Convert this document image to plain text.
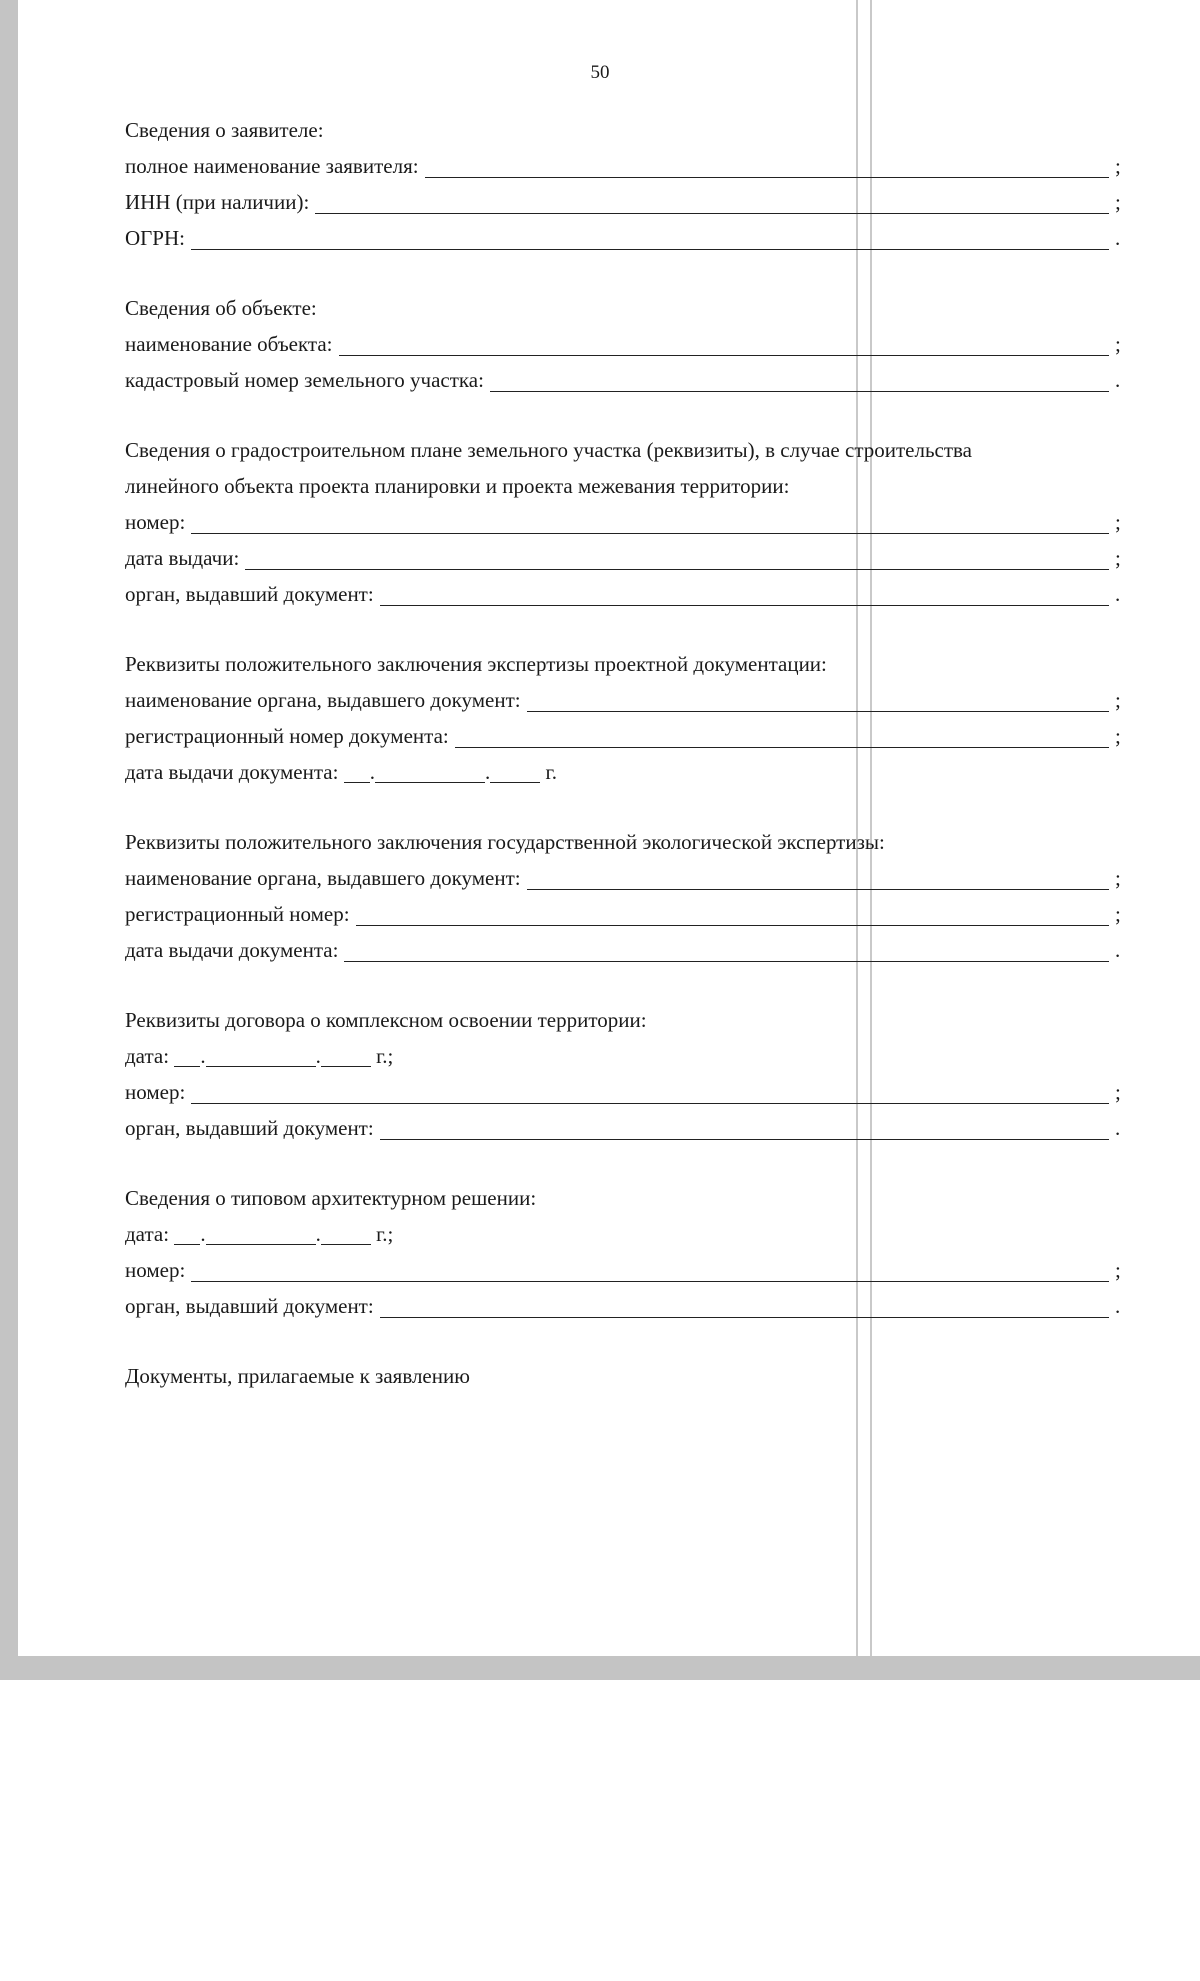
50
Сведения о заявителе:
полное наименование заявителя:	;
ИНН (при наличии):	;
ОГРН:	.
Сведения об объекте:
наименование объекта:	;
кадастровый номер земельного участка:	.
Сведения о градостроительном плане земельного участка (реквизиты), в случае строительства
линейного объекта проекта планировки и проекта межевания территории:
номер:	;
дата выдачи:	;
орган, выдавший документ:	.
Реквизиты положительного заключения экспертизы проектной документации:
наименование органа, выдавшего документ:	;
регистрационный номер документа:	;
дата выдачи документа: .	.	г.
Реквизиты положительного заключения государственной экологической экспертизы:
наименование органа, выдавшего документ:	;
регистрационный номер:	;
дата выдачи документа:	.
Реквизиты договора о комплексном освоении территории:
дата: .	.	г.;
номер:	;
орган, выдавший документ:	.
Сведения о типовом архитектурном решении:
дата: .	.	г.;
номер:	;
орган, выдавший документ:	.
Документы, прилагаемые к заявлению
